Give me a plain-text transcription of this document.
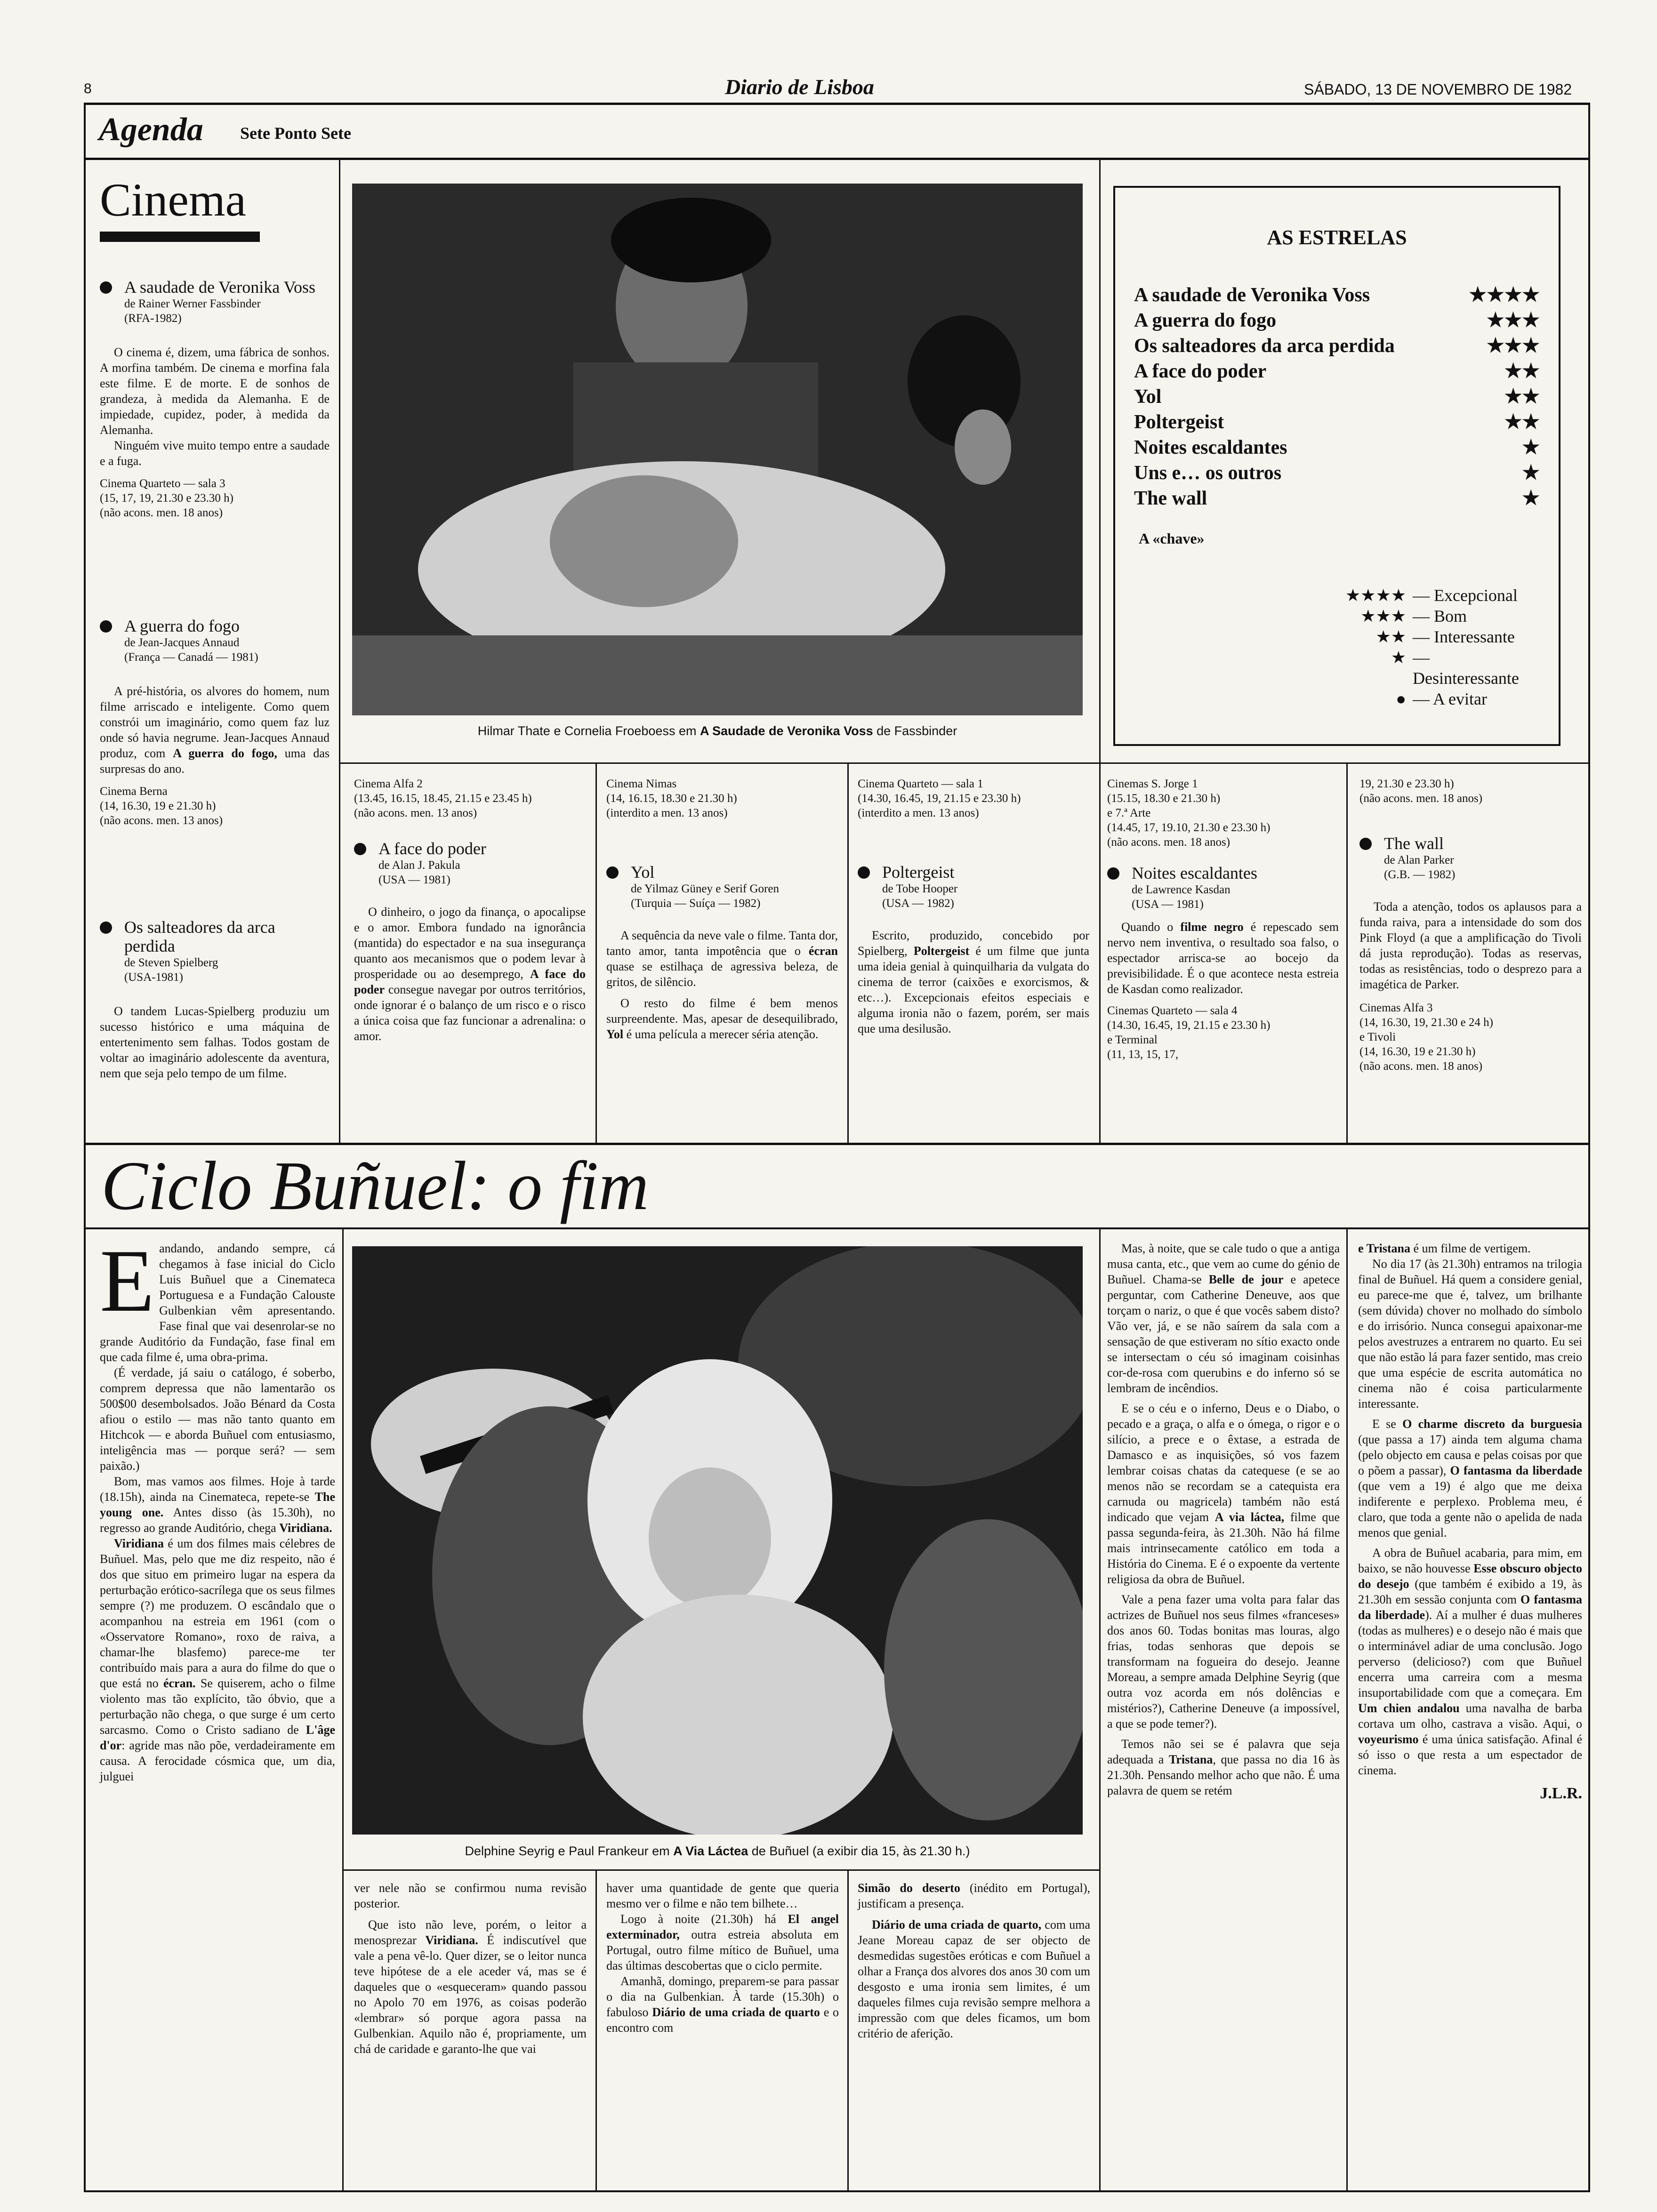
8	Diario de Lisboa	SÁBADO, 13 DE NOVEMBRO DE 1982
Agenda Sete Ponto Sete
Cinema

A saudade de Veronika Voss

de Rainer Werner Fassbinder

(RFA-1982)

O cinema é, dizem, uma fábrica de sonhos. A morfina também. De cinema e morfina fala este filme. E de morte. E de sonhos de grandeza, à medida da Alemanha. E de impiedade, cupidez, poder, à medida da Alemanha.

Ninguém vive muito tempo entre a saudade e a fuga.

Cinema Quarteto — sala 3

(15, 17, 19, 21.30 e 23.30 h)

(não acons. men. 18 anos)

A guerra do fogo

de Jean-Jacques Annaud

(França — Canadá — 1981)

A pré-história, os alvores do homem, num filme arriscado e inteligente. Como quem constrói um imaginário, como quem faz luz onde só havia negrume. Jean-Jacques Annaud produz, com A guerra do fogo, uma das surpresas do ano.

Cinema Berna

(14, 16.30, 19 e 21.30 h)

(não acons. men. 13 anos)

Os salteadores da arca perdida

de Steven Spielberg

(USA-1981)

O tandem Lucas-Spielberg produziu um sucesso histórico e uma máquina de entertenimento sem falhas. Todos gostam de voltar ao imaginário adolescente da aventura, nem que seja pelo tempo de um filme.

Hilmar Thate e Cornelia Froeboess em A Saudade de Veronika Voss de Fassbinder
AS ESTRELAS
A saudade de Veronika Voss	★★★★
A guerra do fogo	★★★
Os salteadores da arca perdida	★★★
A face do poder	★★
Yol	★★
Poltergeist	★★
Noites escaldantes	★
Uns e… os outros	★
The wall	★
A «chave»
★★★★ — Excepcional
★★★ — Bom
★★ — Interessante
★ — Desinteressante
● — A evitar

Cinema Alfa 2

(13.45, 16.15, 18.45, 21.15 e 23.45 h)

(não acons. men. 13 anos)

A face do poder

de Alan J. Pakula

(USA — 1981)

O dinheiro, o jogo da finança, o apocalipse e o amor. Embora fundado na ignorância (mantida) do espectador e na sua insegurança quanto aos mecanismos que o podem levar à prosperidade ou ao desemprego, A face do poder consegue navegar por outros territórios, onde ignorar é o balanço de um risco e o risco a única coisa que faz funcionar a adrenalina: o amor.

Cinema Nimas

(14, 16.15, 18.30 e 21.30 h)

(interdito a men. 13 anos)

Yol

de Yilmaz Güney e Serif Goren

(Turquia — Suíça — 1982)

A sequência da neve vale o filme. Tanta dor, tanto amor, tanta impotência que o écran quase se estilhaça de agressiva beleza, de gritos, de silêncio.

O resto do filme é bem menos surpreendente. Mas, apesar de desequilibrado, Yol é uma película a merecer séria atenção.

Cinema Quarteto — sala 1

(14.30, 16.45, 19, 21.15 e 23.30 h)

(interdito a men. 13 anos)

Poltergeist

de Tobe Hooper

(USA — 1982)

Escrito, produzido, concebido por Spielberg, Poltergeist é um filme que junta uma ideia genial à quinquilharia da vulgata do cinema de terror (caixões e exorcismos, & etc…). Excepcionais efeitos especiais e alguma ironia não o fazem, porém, ser mais que uma desilusão.

Cinemas S. Jorge 1

(15.15, 18.30 e 21.30 h)

e 7.ª Arte

(14.45, 17, 19.10, 21.30 e 23.30 h)

(não acons. men. 18 anos)

Noites escaldantes

de Lawrence Kasdan

(USA — 1981)

Quando o filme negro é repescado sem nervo nem inventiva, o resultado soa falso, o espectador arrisca-se ao bocejo da previsibilidade. É o que acontece nesta estreia de Kasdan como realizador.

Cinemas Quarteto — sala 4

(14.30, 16.45, 19, 21.15 e 23.30 h)

e Terminal

(11, 13, 15, 17,

19, 21.30 e 23.30 h)

(não acons. men. 18 anos)

The wall

de Alan Parker

(G.B. — 1982)

Toda a atenção, todos os aplausos para a funda raiva, para a intensidade do som dos Pink Floyd (a que a amplificação do Tivoli dá justa reprodução). Todas as reservas, todas as resistências, todo o desprezo para a imagética de Parker.

Cinemas Alfa 3

(14, 16.30, 19, 21.30 e 24 h)

e Tivoli

(14, 16.30, 19 e 21.30 h)

(não acons. men. 18 anos)

Ciclo Buñuel: o fim

Eandando, andando sempre, cá chegamos à fase inicial do Ciclo Luis Buñuel que a Cinemateca Portuguesa e a Fundação Calouste Gulbenkian vêm apresentando. Fase final que vai desenrolar-se no grande Auditório da Fundação, fase final em que cada filme é, uma obra-prima.

(É verdade, já saiu o catálogo, é soberbo, comprem depressa que não lamentarão os 500$00 desembolsados. João Bénard da Costa afiou o estilo — mas não tanto quanto em Hitchcok — e aborda Buñuel com entusiasmo, inteligência mas — porque será? — sem paixão.)

Bom, mas vamos aos filmes. Hoje à tarde (18.15h), ainda na Cinemateca, repete-se The young one. Antes disso (às 15.30h), no regresso ao grande Auditório, chega Viridiana.

Viridiana é um dos filmes mais célebres de Buñuel. Mas, pelo que me diz respeito, não é dos que situo em primeiro lugar na espera da perturbação erótico-sacrílega que os seus filmes sempre (?) me produzem. O escândalo que o acompanhou na estreia em 1961 (com o «Osservatore Romano», roxo de raiva, a chamar-lhe blasfemo) parece-me ter contribuído mais para a aura do filme do que o que está no écran. Se quiserem, acho o filme violento mas tão explícito, tão óbvio, que a perturbação não chega, o que surge é um certo sarcasmo. Como o Cristo sadiano de L'âge d'or: agride mas não põe, verdadeiramente em causa. A ferocidade cósmica que, um dia, julguei

Delphine Seyrig e Paul Frankeur em A Via Láctea de Buñuel (a exibir dia 15, às 21.30 h.)

ver nele não se confirmou numa revisão posterior.

Que isto não leve, porém, o leitor a menosprezar Viridiana. É indiscutível que vale a pena vê-lo. Quer dizer, se o leitor nunca teve hipótese de a ele aceder vá, mas se é daqueles que o «esqueceram» quando passou no Apolo 70 em 1976, as coisas poderão «lembrar» só porque agora passa na Gulbenkian. Aquilo não é, propriamente, um chá de caridade e garanto-lhe que vai

haver uma quantidade de gente que queria mesmo ver o filme e não tem bilhete…

Logo à noite (21.30h) há El angel exterminador, outra estreia absoluta em Portugal, outro filme mítico de Buñuel, uma das últimas descobertas que o ciclo permite.

Amanhã, domingo, preparem-se para passar o dia na Gulbenkian. À tarde (15.30h) o fabuloso Diário de uma criada de quarto e o encontro com

Simão do deserto (inédito em Portugal), justificam a presença.

Diário de uma criada de quarto, com uma Jeane Moreau capaz de ser objecto de desmedidas sugestões eróticas e com Buñuel a olhar a França dos alvores dos anos 30 com um desgosto e uma ironia sem limites, é um daqueles filmes cuja revisão sempre melhora a impressão com que deles ficamos, um bom critério de aferição.

Mas, à noite, que se cale tudo o que a antiga musa canta, etc., que vem ao cume do génio de Buñuel. Chama-se Belle de jour e apetece perguntar, com Catherine Deneuve, aos que torçam o nariz, o que é que vocês sabem disto? Vão ver, já, e se não saírem da sala com a sensação de que estiveram no sítio exacto onde se intersectam o céu só imaginam coisinhas cor-de-rosa com querubins e do inferno só se lembram de incêndios.

E se o céu e o inferno, Deus e o Diabo, o pecado e a graça, o alfa e o ómega, o rigor e o silício, a prece e o êxtase, a estrada de Damasco e as inquisições, só vos fazem lembrar coisas chatas da catequese (e se ao menos não se recordam se a catequista era carnuda ou magricela) também não está indicado que vejam A via láctea, filme que passa segunda-feira, às 21.30h. Não há filme mais intrinsecamente católico em toda a História do Cinema. E é o expoente da vertente religiosa da obra de Buñuel.

Vale a pena fazer uma volta para falar das actrizes de Buñuel nos seus filmes «franceses» dos anos 60. Todas bonitas mas louras, algo frias, todas senhoras que depois se transformam na fogueira do desejo. Jeanne Moreau, a sempre amada Delphine Seyrig (que outra voz acorda em nós dolências e mistérios?), Catherine Deneuve (a impossível, a que se pode temer?).

Temos não sei se é palavra que seja adequada a Tristana, que passa no dia 16 às 21.30h. Pensando melhor acho que não. É uma palavra de quem se retém

e Tristana é um filme de vertigem.

No dia 17 (às 21.30h) entramos na trilogia final de Buñuel. Há quem a considere genial, eu parece-me que é, talvez, um brilhante (sem dúvida) chover no molhado do símbolo e do irrisório. Nunca consegui apaixonar-me pelos avestruzes a entrarem no quarto. Eu sei que não estão lá para fazer sentido, mas creio que uma espécie de escrita automática no cinema não é coisa particularmente interessante.

E se O charme discreto da burguesia (que passa a 17) ainda tem alguma chama (pelo objecto em causa e pelas coisas por que o põem a passar), O fantasma da liberdade (que vem a 19) é algo que me deixa indiferente e perplexo. Problema meu, é claro, que toda a gente não o apelida de nada menos que genial.

A obra de Buñuel acabaria, para mim, em baixo, se não houvesse Esse obscuro objecto do desejo (que também é exibido a 19, às 21.30h em sessão conjunta com O fantasma da liberdade). Aí a mulher é duas mulheres (todas as mulheres) e o desejo não é mais que o interminável adiar de uma conclusão. Jogo perverso (delicioso?) com que Buñuel encerra uma carreira com a mesma insuportabilidade com que a começara. Em Um chien andalou uma navalha de barba cortava um olho, castrava a visão. Aqui, o voyeurismo é uma única satisfação. Afinal é só isso o que resta a um espectador de cinema.

J.L.R.
